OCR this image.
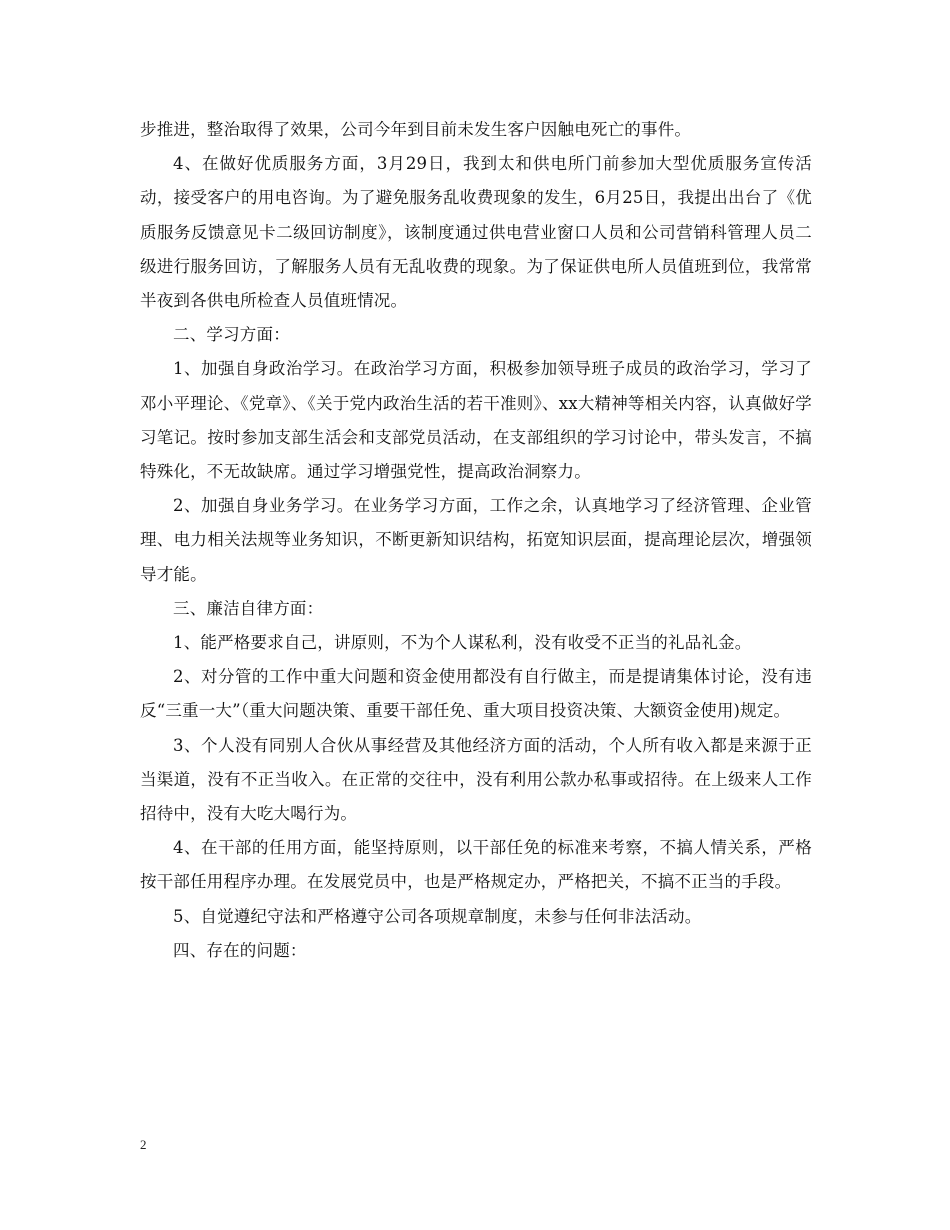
步推进，整治取得了效果，公司今年到目前未发生客户因触电死亡的事件。

4、在做好优质服务方面，3月29日，我到太和供电所门前参加大型优质服务宣传活动，接受客户的用电咨询。为了避免服务乱收费现象的发生，6月25日，我提出出台了《优质服务反馈意见卡二级回访制度》，该制度通过供电营业窗口人员和公司营销科管理人员二级进行服务回访，了解服务人员有无乱收费的现象。为了保证供电所人员值班到位，我常常半夜到各供电所检查人员值班情况。

二、学习方面：

1、加强自身政治学习。在政治学习方面，积极参加领导班子成员的政治学习，学习了邓小平理论、《党章》、《关于党内政治生活的若干准则》、xx大精神等相关内容，认真做好学习笔记。按时参加支部生活会和支部党员活动，在支部组织的学习讨论中，带头发言，不搞特殊化，不无故缺席。通过学习增强党性，提高政治洞察力。

2、加强自身业务学习。在业务学习方面，工作之余，认真地学习了经济管理、企业管理、电力相关法规等业务知识，不断更新知识结构，拓宽知识层面，提高理论层次，增强领导才能。

三、廉洁自律方面：

1、能严格要求自己，讲原则，不为个人谋私利，没有收受不正当的礼品礼金。

2、对分管的工作中重大问题和资金使用都没有自行做主，而是提请集体讨论，没有违反“三重一大”（重大问题决策、重要干部任免、重大项目投资决策、大额资金使用)规定。

3、个人没有同别人合伙从事经营及其他经济方面的活动，个人所有收入都是来源于正当渠道，没有不正当收入。在正常的交往中，没有利用公款办私事或招待。在上级来人工作招待中，没有大吃大喝行为。

4、在干部的任用方面，能坚持原则，以干部任免的标准来考察，不搞人情关系，严格按干部任用程序办理。在发展党员中，也是严格规定办，严格把关，不搞不正当的手段。

5、自觉遵纪守法和严格遵守公司各项规章制度，未参与任何非法活动。

四、存在的问题：

2
